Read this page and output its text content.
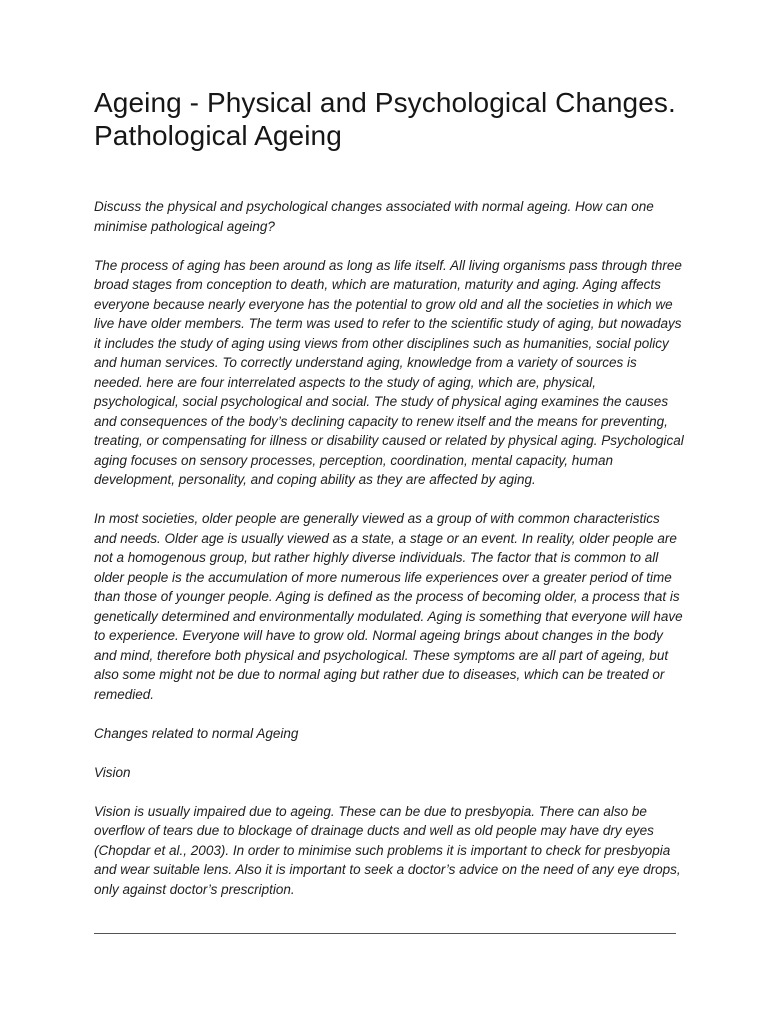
Ageing - Physical and Psychological Changes. Pathological Ageing

Discuss the physical and psychological changes associated with normal ageing. How can one minimise pathological ageing?

The process of aging has been around as long as life itself. All living organisms pass through three broad stages from conception to death, which are maturation, maturity and aging. Aging affects everyone because nearly everyone has the potential to grow old and all the societies in which we live have older members. The term was used to refer to the scientific study of aging, but nowadays it includes the study of aging using views from other disciplines such as humanities, social policy and human services. To correctly understand aging, knowledge from a variety of sources is needed. here are four interrelated aspects to the study of aging, which are, physical, psychological, social psychological and social. The study of physical aging examines the causes and consequences of the body’s declining capacity to renew itself and the means for preventing, treating, or compensating for illness or disability caused or related by physical aging. Psychological aging focuses on sensory processes, perception, coordination, mental capacity, human development, personality, and coping ability as they are affected by aging.

In most societies, older people are generally viewed as a group of with common characteristics and needs. Older age is usually viewed as a state, a stage or an event. In reality, older people are not a homogenous group, but rather highly diverse individuals. The factor that is common to all older people is the accumulation of more numerous life experiences over a greater period of time than those of younger people. Aging is defined as the process of becoming older, a process that is genetically determined and environmentally modulated. Aging is something that everyone will have to experience. Everyone will have to grow old. Normal ageing brings about changes in the body and mind, therefore both physical and psychological. These symptoms are all part of ageing, but also some might not be due to normal aging but rather due to diseases, which can be treated or remedied.

Changes related to normal Ageing

Vision

Vision is usually impaired due to ageing. These can be due to presbyopia. There can also be overflow of tears due to blockage of drainage ducts and well as old people may have dry eyes (Chopdar et al., 2003). In order to minimise such problems it is important to check for presbyopia and wear suitable lens. Also it is important to seek a doctor’s advice on the need of any eye drops, only against doctor’s prescription.
